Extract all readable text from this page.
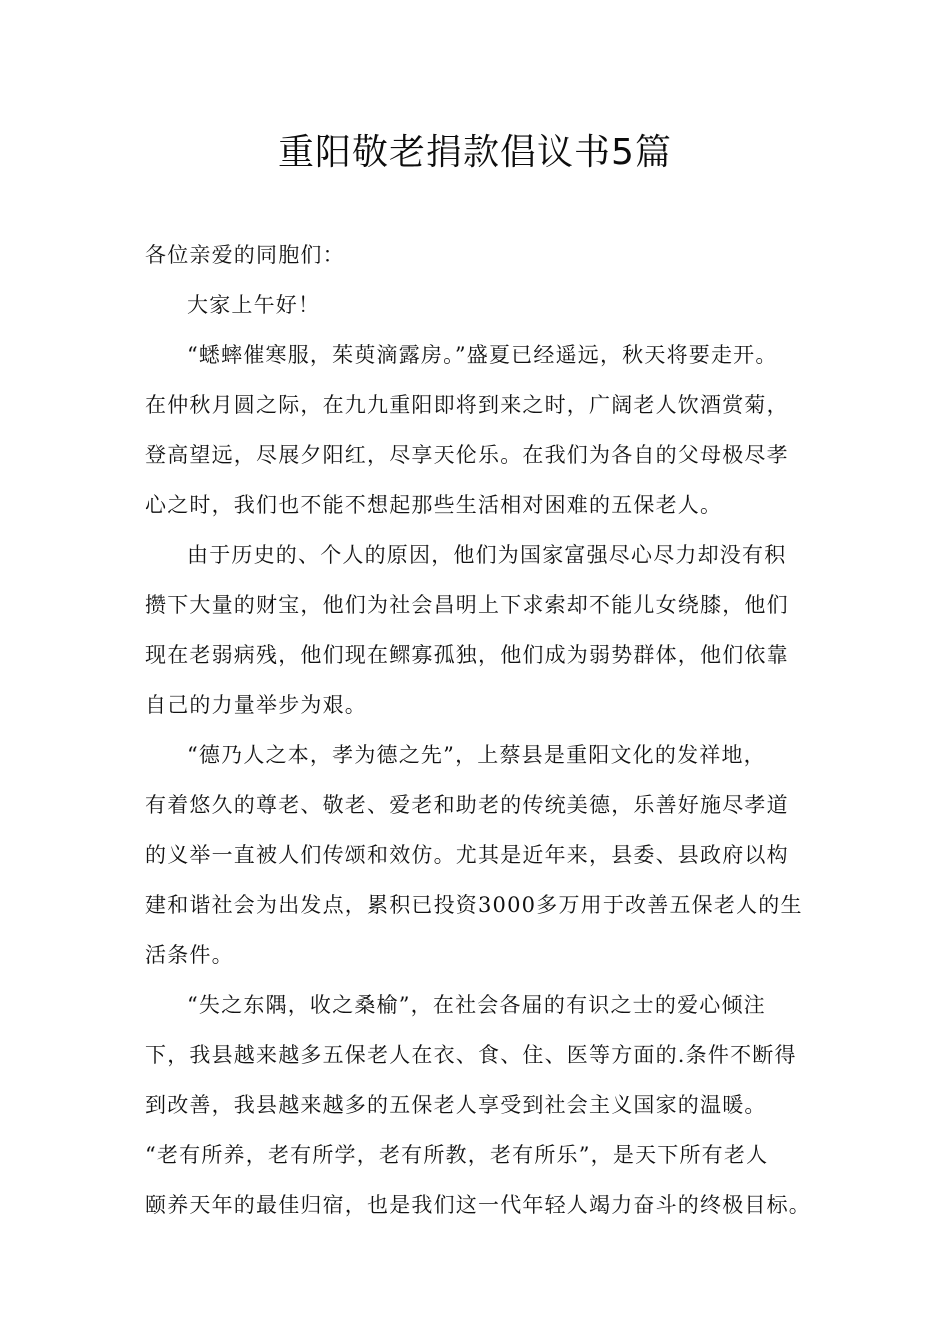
重阳敬老捐款倡议书5篇
各位亲爱的同胞们：
大家上午好！
“蟋蟀催寒服，茱萸滴露房。”盛夏已经遥远，秋天将要走开。
在仲秋月圆之际，在九九重阳即将到来之时，广阔老人饮酒赏菊，
登高望远，尽展夕阳红，尽享天伦乐。在我们为各自的父母极尽孝
心之时，我们也不能不想起那些生活相对困难的五保老人。
由于历史的、个人的原因，他们为国家富强尽心尽力却没有积
攒下大量的财宝，他们为社会昌明上下求索却不能儿女绕膝，他们
现在老弱病残，他们现在鳏寡孤独，他们成为弱势群体，他们依靠
自己的力量举步为艰。
“德乃人之本，孝为德之先”，上蔡县是重阳文化的发祥地，
有着悠久的尊老、敬老、爱老和助老的传统美德，乐善好施尽孝道
的义举一直被人们传颂和效仿。尤其是近年来，县委、县政府以构
建和谐社会为出发点，累积已投资3000多万用于改善五保老人的生
活条件。
“失之东隅，收之桑榆”，在社会各届的有识之士的爱心倾注
下，我县越来越多五保老人在衣、食、住、医等方面的.条件不断得
到改善，我县越来越多的五保老人享受到社会主义国家的温暖。
“老有所养，老有所学，老有所教，老有所乐”，是天下所有老人
颐养天年的最佳归宿，也是我们这一代年轻人竭力奋斗的终极目标。
